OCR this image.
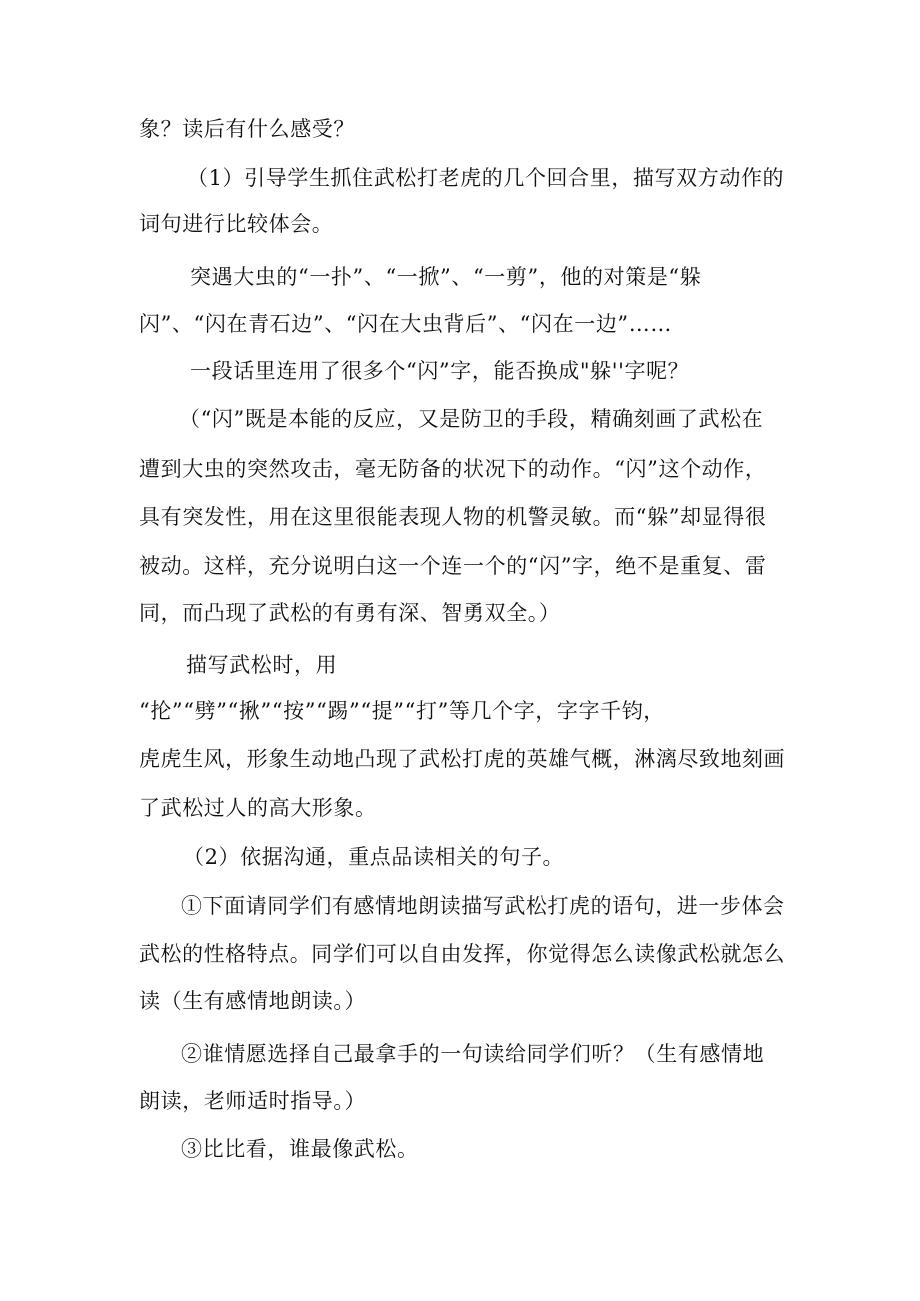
象？读后有什么感受？
（1）引导学生抓住武松打老虎的几个回合里，描写双方动作的
词句进行比较体会。
突遇大虫的“一扑”、“一掀”、“一剪”，他的对策是“躲
闪”、“闪在青石边”、“闪在大虫背后”、“闪在一边”……
一段话里连用了很多个“闪”字，能否换成"躲''字呢？
（“闪”既是本能的反应，又是防卫的手段，精确刻画了武松在
遭到大虫的突然攻击，毫无防备的状况下的动作。“闪”这个动作，
具有突发性，用在这里很能表现人物的机警灵敏。而“躲”却显得很
被动。这样，充分说明白这一个连一个的“闪”字，绝不是重复、雷
同，而凸现了武松的有勇有深、智勇双全。）
描写武松时，用
“抡”“劈”“揪”“按”“踢”“提”“打”等几个字，字字千钧，
虎虎生风，形象生动地凸现了武松打虎的英雄气概，淋漓尽致地刻画
了武松过人的高大形象。
（2）依据沟通，重点品读相关的句子。
①下面请同学们有感情地朗读描写武松打虎的语句，进一步体会
武松的性格特点。同学们可以自由发挥，你觉得怎么读像武松就怎么
读（生有感情地朗读。）
②谁情愿选择自己最拿手的一句读给同学们听？（生有感情地
朗读，老师适时指导。）
③比比看，谁最像武松。
